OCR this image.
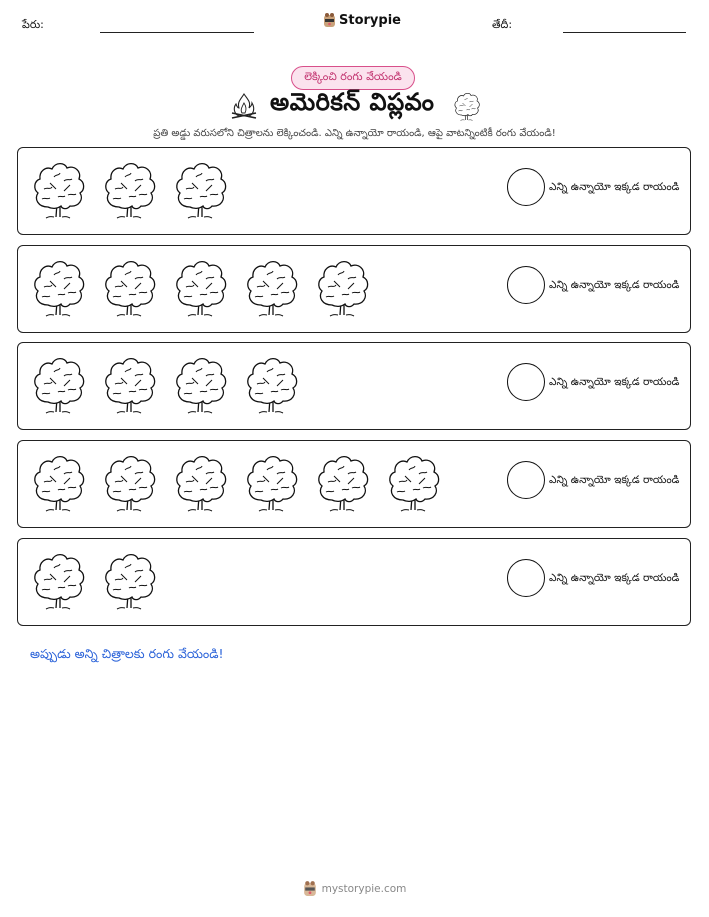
పేరు:	Storypie	తేదీ:
లెక్కించి రంగు వేయండి
అమెరికన్ విప్లవం
ప్రతి అడ్డు వరుసలోని చిత్రాలను లెక్కించండి. ఎన్ని ఉన్నాయో రాయండి, ఆపై వాటన్నింటికీ రంగు వేయండి!
ఎన్ని ఉన్నాయో ఇక్కడ రాయండి
ఎన్ని ఉన్నాయో ఇక్కడ రాయండి
ఎన్ని ఉన్నాయో ఇక్కడ రాయండి
ఎన్ని ఉన్నాయో ఇక్కడ రాయండి
ఎన్ని ఉన్నాయో ఇక్కడ రాయండి
అప్పుడు అన్ని చిత్రాలకు రంగు వేయండి!
mystorypie.com
